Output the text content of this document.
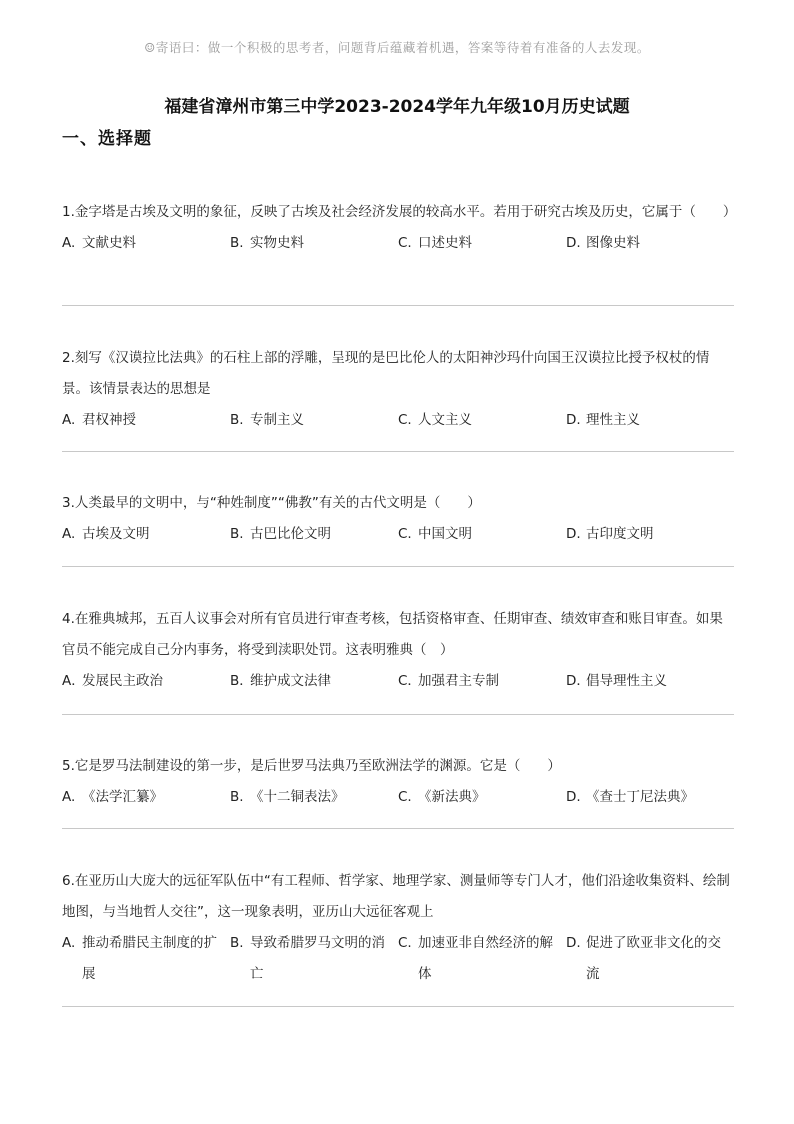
☺寄语曰：做一个积极的思考者，问题背后蕴藏着机遇，答案等待着有准备的人去发现。
福建省漳州市第三中学2023-2024学年九年级10月历史试题
一、选择题

1.金字塔是古埃及文明的象征，反映了古埃及社会经济发展的较高水平。若用于研究古埃及历史，它属于（　　）

A. 文献史料	B. 实物史料	C. 口述史料	D. 图像史料

2.刻写《汉谟拉比法典》的石柱上部的浮雕，呈现的是巴比伦人的太阳神沙玛什向国王汉谟拉比授予权杖的情景。该情景表达的思想是

A. 君权神授	B. 专制主义	C. 人文主义	D. 理性主义

3.人类最早的文明中，与“种姓制度”“佛教”有关的古代文明是（　　）

A. 古埃及文明	B. 古巴比伦文明	C. 中国文明	D. 古印度文明

4.在雅典城邦，五百人议事会对所有官员进行审查考核，包括资格审查、任期审查、绩效审查和账目审查。如果官员不能完成自己分内事务，将受到渎职处罚。这表明雅典（　）

A．
发展民主政治	B．
维护成文法律	C．
加强君主专制	D．
倡导理性主义

5.它是罗马法制建设的第一步，是后世罗马法典乃至欧洲法学的渊源。它是（　　）

A. 《法学汇纂》	B. 《十二铜表法》	C. 《新法典》	D. 《查士丁尼法典》

6.在亚历山大庞大的远征军队伍中“有工程师、哲学家、地理学家、测量师等专门人才，他们沿途收集资料、绘制地图，与当地哲人交往”，这一现象表明，亚历山大远征客观上

A. 推动希腊民主制度的扩展
B. 导致希腊罗马文明的消亡
C. 加速亚非自然经济的解体
D. 促进了欧亚非文化的交流
